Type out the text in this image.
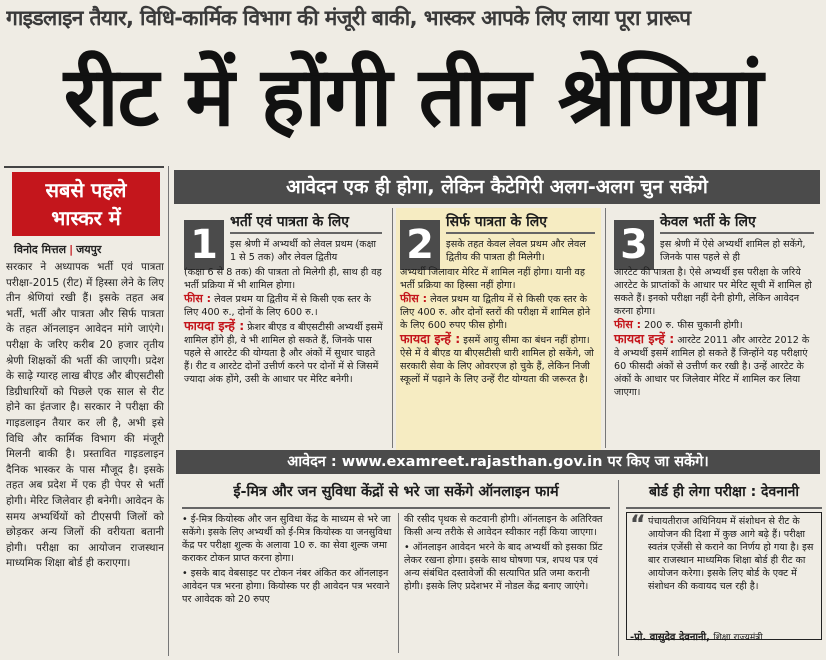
गाइडलाइन तैयार, विधि-कार्मिक विभाग की मंजूरी बाकी, भास्कर आपके लिए लाया पूरा प्रारूप
रीट में होंगी तीन श्रेणियां
सबसे पहले
भास्कर में
विनोद मित्तल | जयपुर
सरकार ने अध्यापक भर्ती एवं पात्रता परीक्षा-2015 (रीट) में हिस्सा लेने के लिए तीन श्रेणियां रखी हैं। इसके तहत अब भर्ती, भर्ती और पात्रता और सिर्फ पात्रता के तहत ऑनलाइन आवेदन मांगे जाएंगे। परीक्षा के जरिए करीब 20 हजार तृतीय श्रेणी शिक्षकों की भर्ती की जाएगी। प्रदेश के साढ़े ग्यारह लाख बीएड और बीएसटीसी डिग्रीधारियों को पिछले एक साल से रीट होने का इंतजार है। सरकार ने परीक्षा की गाइडलाइन तैयार कर ली है, अभी इसे विधि और कार्मिक विभाग की मंजूरी मिलनी बाकी है। प्रस्तावित गाइडलाइन दैनिक भास्कर के पास मौजूद है। इसके तहत अब प्रदेश में एक ही पेपर से भर्ती होगी। मेरिट जिलेवार ही बनेगी। आवेदन के समय अभ्यर्थियों को टीएसपी जिलों को छोड़कर अन्य जिलों की वरीयता बतानी होगी। परीक्षा का आयोजन राजस्थान माध्यमिक शिक्षा बोर्ड ही कराएगा।
आवेदन एक ही होगा, लेकिन कैटेगिरी अलग-अलग चुन सकेंगे
1 भर्ती एवं पात्रता के लिए
इस श्रेणी में अभ्यर्थी को लेवल प्रथम (कक्षा 1 से 5 तक) और लेवल द्वितीय
(कक्षा 6 से 8 तक) की पात्रता तो मिलेगी ही, साथ ही वह भर्ती प्रक्रिया में भी शामिल होगा।
फीस : लेवल प्रथम या द्वितीय में से किसी एक स्तर के लिए 400 रु., दोनों के लिए 600 रु.।
फायदा इन्हें : फ्रेशर बीएड व बीएसटीसी अभ्यर्थी इसमें शामिल होंगे ही, वे भी शामिल हो सकते हैं, जिनके पास पहले से आरटेट की योग्यता है और अंकों में सुधार चाहते हैं। रीट व आरटेट दोनों उत्तीर्ण करने पर दोनों में से जिसमें ज्यादा अंक होंगे, उसी के आधार पर मेरिट बनेगी।
2 सिर्फ पात्रता के लिए
इसके तहत केवल लेवल प्रथम और लेवल द्वितीय की पात्रता ही मिलेगी।
अभ्यर्थी जिलावार मेरिट में शामिल नहीं होगा। यानी वह भर्ती प्रक्रिया का हिस्सा नहीं होगा।
फीस : लेवल प्रथम या द्वितीय में से किसी एक स्तर के लिए 400 रु. और दोनों स्तरों की परीक्षा में शामिल होने के लिए 600 रुपए फीस होगी।
फायदा इन्हें : इसमें आयु सीमा का बंधन नहीं होगा। ऐसे में वे बीएड या बीएसटीसी धारी शामिल हो सकेंगे, जो सरकारी सेवा के लिए ओवरएज हो चुके हैं, लेकिन निजी स्कूलों में पढ़ाने के लिए उन्हें रीट योग्यता की जरूरत है।
3 केवल भर्ती के लिए
इस श्रेणी में ऐसे अभ्यर्थी शामिल हो सकेंगे, जिनके पास पहले से ही
आरटेट की पात्रता है। ऐसे अभ्यर्थी इस परीक्षा के जरिये आरटेट के प्राप्तांकों के आधार पर मेरिट सूची में शामिल हो सकते हैं। इनको परीक्षा नहीं देनी होगी, लेकिन आवेदन करना होगा।
फीस : 200 रु. फीस चुकानी होगी।
फायदा इन्हें : आरटेट 2011 और आरटेट 2012 के वे अभ्यर्थी इसमें शामिल हो सकते हैं जिन्होंने यह परीक्षाएं 60 फीसदी अंकों से उत्तीर्ण कर रखी है। उन्हें आरटेट के अंकों के आधार पर जिलेवार मेरिट में शामिल कर लिया जाएगा।
आवेदन : www.examreet.rajasthan.gov.in पर किए जा सकेंगे।
ई-मित्र और जन सुविधा केंद्रों से भरे जा सकेंगे ऑनलाइन फार्म

• ई-मित्र कियोस्क और जन सुविधा केंद्र के माध्यम से भरे जा सकेंगे। इसके लिए अभ्यर्थी को ई-मित्र कियोस्क या जनसुविधा केंद्र पर परीक्षा शुल्क के अलावा 10 रु. का सेवा शुल्क जमा कराकर टोकन प्राप्त करना होगा।

• इसके बाद वेबसाइट पर टोकन नंबर अंकित कर ऑनलाइन आवेदन पत्र भरना होगा। कियोस्क पर ही आवेदन पत्र भरवाने पर आवेदक को 20 रुपए

की रसीद पृथक से कटवानी होगी। ऑनलाइन के अतिरिक्त किसी अन्य तरीके से आवेदन स्वीकार नहीं किया जाएगा।

• ऑनलाइन आवेदन भरने के बाद अभ्यर्थी को इसका प्रिंट लेकर रखना होगा। इसके साथ घोषणा पत्र, शपथ पत्र एवं अन्य संबंधित दस्तावेजों की सत्यापित प्रति जमा करानी होगी। इसके लिए प्रदेशभर में नोडल केंद्र बनाए जाएंगे।

बोर्ड ही लेगा परीक्षा : देवनानी
“ पंचायतीराज अधिनियम में संशोधन से रीट के आयोजन की दिशा में कुछ आगे बढ़े हैं। परीक्षा स्वतंत्र एजेंसी से कराने का निर्णय हो गया है। इस बार राजस्थान माध्यमिक शिक्षा बोर्ड ही रीट का आयोजन करेगा। इसके लिए बोर्ड के एक्ट में संशोधन की कवायद चल रही है।
-प्रो. वासुदेव देवनानी, शिक्षा राज्यमंत्री
